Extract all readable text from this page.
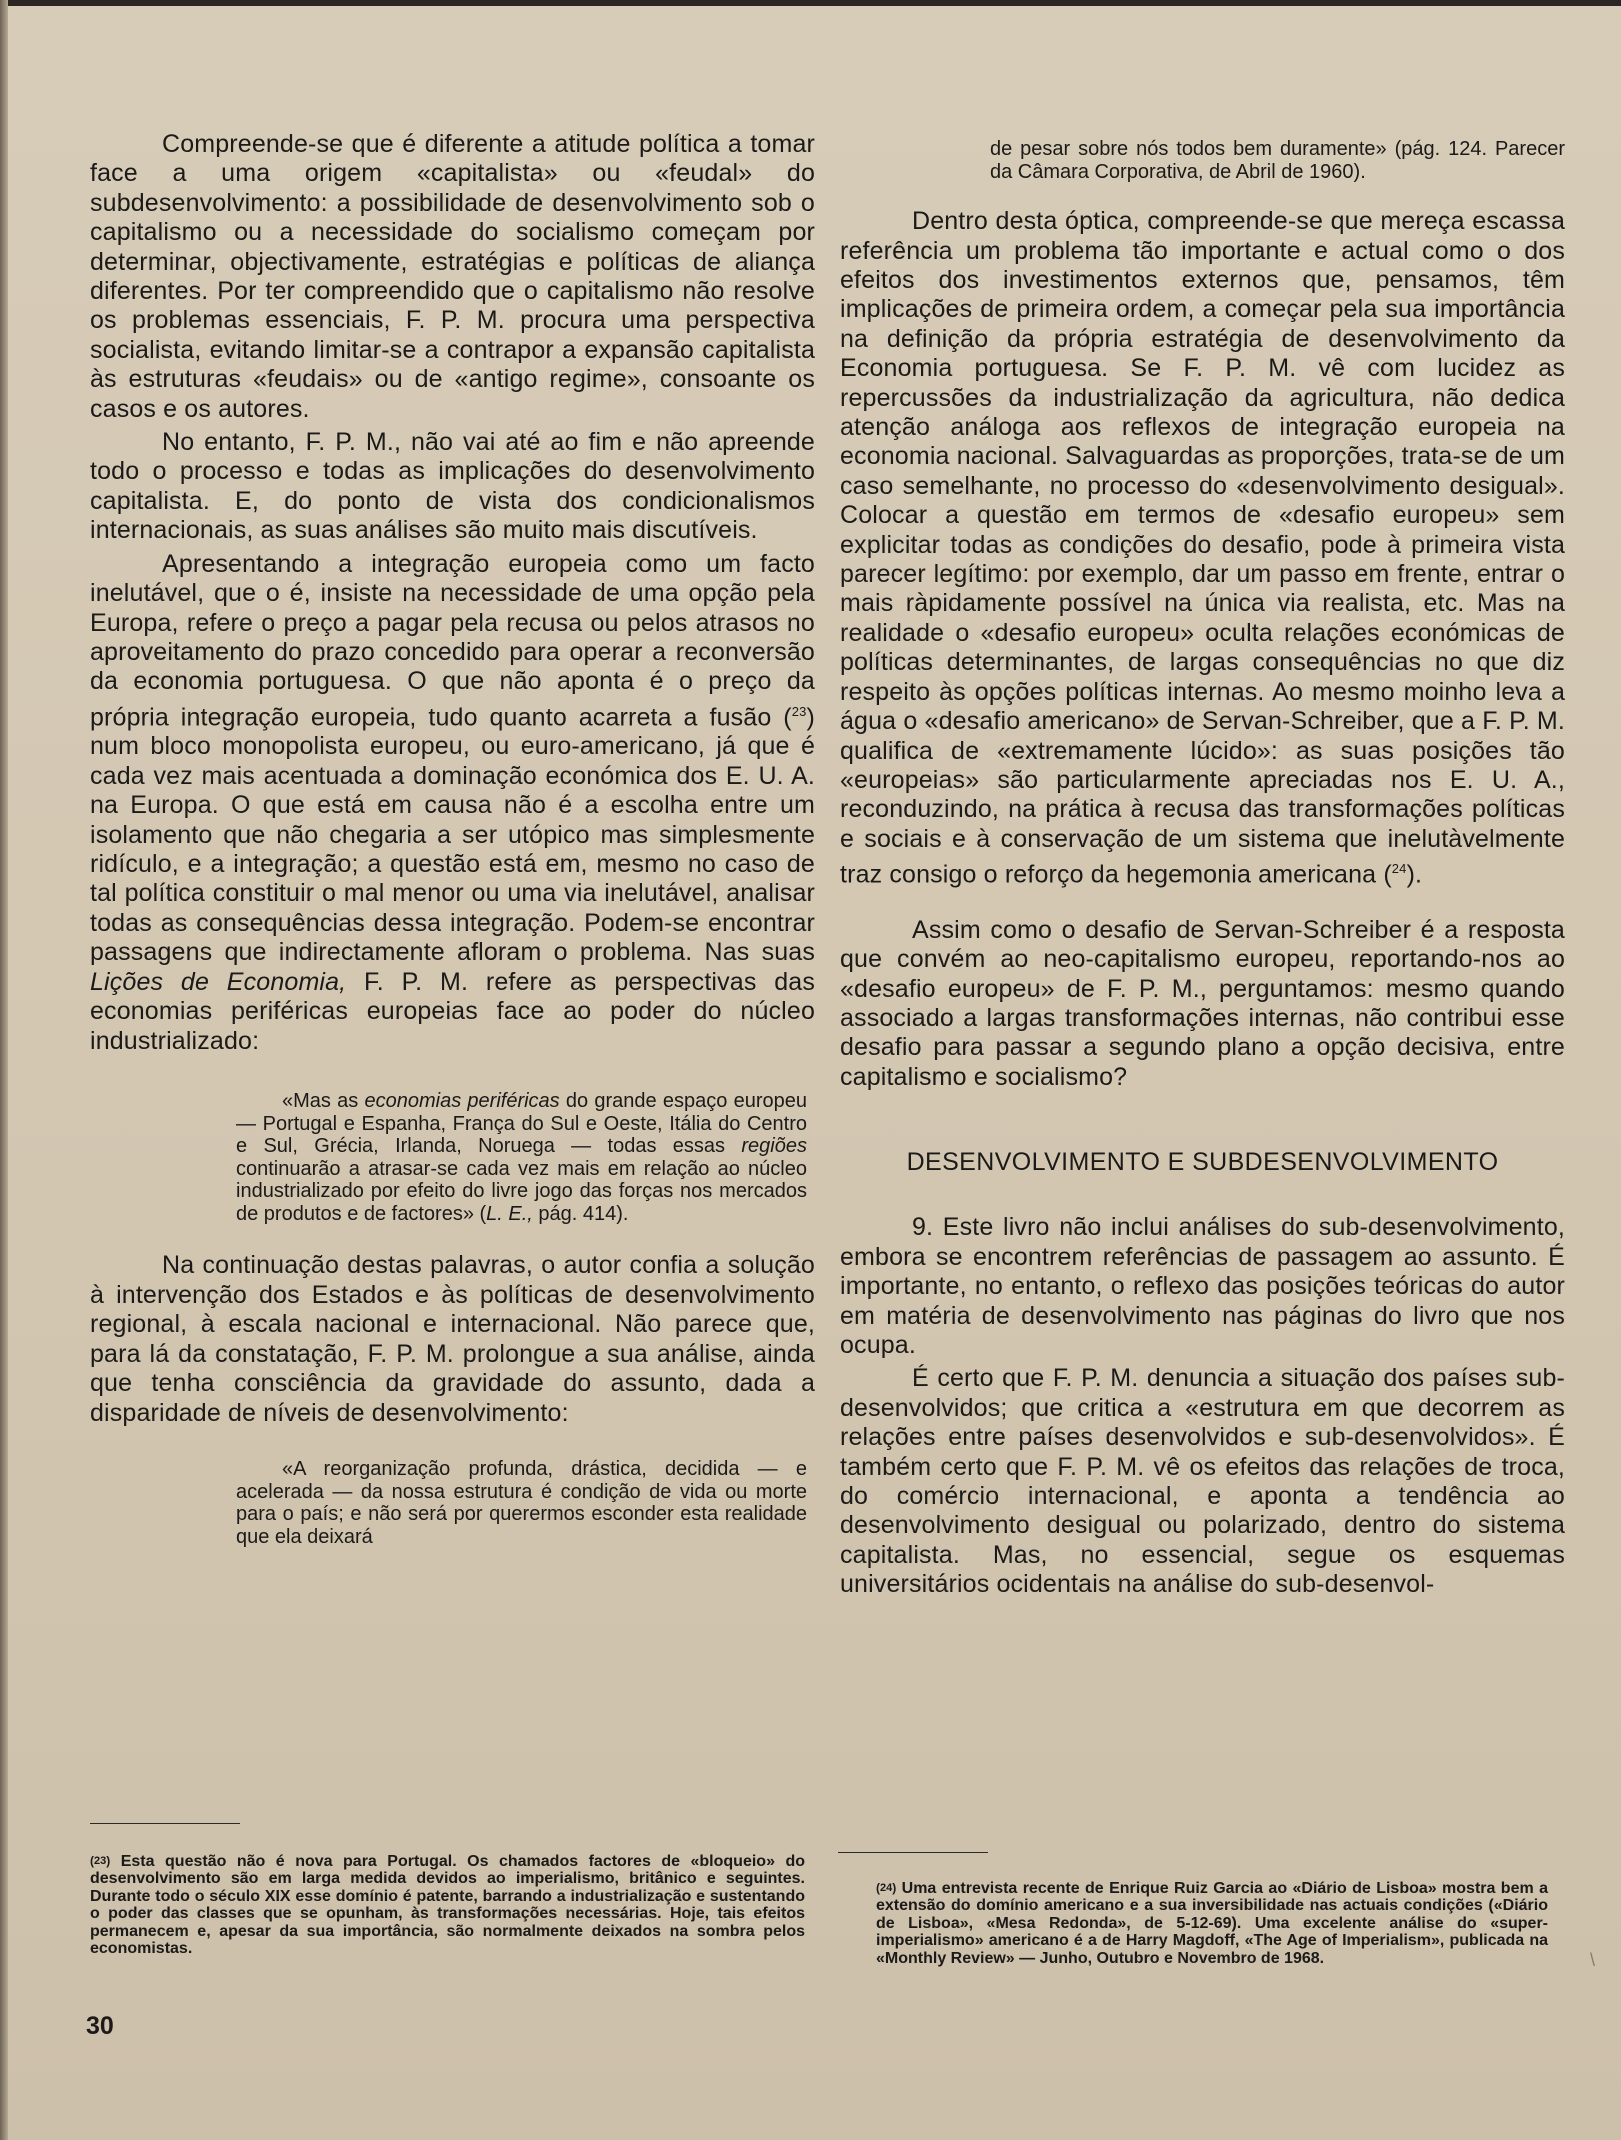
Compreende-se que é diferente a atitude política a tomar face a uma origem «capitalista» ou «feudal» do subdesenvolvimento: a possibilidade de desenvolvimento sob o capitalismo ou a necessidade do socialismo começam por determinar, objectivamente, estratégias e políticas de aliança diferentes. Por ter compreendido que o capitalismo não resolve os problemas essenciais, F. P. M. procura uma perspectiva socialista, evitando limitar-se a contrapor a expansão capitalista às estruturas «feudais» ou de «antigo regime», consoante os casos e os autores.

No entanto, F. P. M., não vai até ao fim e não apreende todo o processo e todas as implicações do desenvolvimento capitalista. E, do ponto de vista dos condicionalismos internacionais, as suas análises são muito mais discutíveis.

Apresentando a integração europeia como um facto inelutável, que o é, insiste na necessidade de uma opção pela Europa, refere o preço a pagar pela recusa ou pelos atrasos no aproveitamento do prazo concedido para operar a reconversão da economia portuguesa. O que não aponta é o preço da própria integração europeia, tudo quanto acarreta a fusão ($^{23}$) num bloco monopolista europeu, ou euro-americano, já que é cada vez mais acentuada a dominação económica dos E. U. A. na Europa. O que está em causa não é a escolha entre um isolamento que não chegaria a ser utópico mas simplesmente ridículo, e a integração; a questão está em, mesmo no caso de tal política constituir o mal menor ou uma via inelutável, analisar todas as consequências dessa integração. Podem-se encontrar passagens que indirectamente afloram o problema. Nas suas Lições de Economia, F. P. M. refere as perspectivas das economias periféricas europeias face ao poder do núcleo industrializado:

«Mas as economias periféricas do grande espaço europeu — Portugal e Espanha, França do Sul e Oeste, Itália do Centro e Sul, Grécia, Irlanda, Noruega — todas essas regiões continuarão a atrasar-se cada vez mais em relação ao núcleo industrializado por efeito do livre jogo das forças nos mercados de produtos e de factores» (L. E., pág. 414).

Na continuação destas palavras, o autor confia a solução à intervenção dos Estados e às políticas de desenvolvimento regional, à escala nacional e internacional. Não parece que, para lá da constatação, F. P. M. prolongue a sua análise, ainda que tenha consciência da gravidade do assunto, dada a disparidade de níveis de desenvolvimento:

«A reorganização profunda, drástica, decidida — e acelerada — da nossa estrutura é condição de vida ou morte para o país; e não será por querermos esconder esta realidade que ela deixará
$^{(23)}$ Esta questão não é nova para Portugal. Os chamados factores de «bloqueio» do desenvolvimento são em larga medida devidos ao imperialismo, britânico e seguintes. Durante todo o século XIX esse domínio é patente, barrando a industrialização e sustentando o poder das classes que se opunham, às transformações necessárias. Hoje, tais efeitos permanecem e, apesar da sua importância, são normalmente deixados na sombra pelos economistas.
de pesar sobre nós todos bem duramente» (pág. 124. Parecer da Câmara Corporativa, de Abril de 1960).

Dentro desta óptica, compreende-se que mereça escassa referência um problema tão importante e actual como o dos efeitos dos investimentos externos que, pensamos, têm implicações de primeira ordem, a começar pela sua importância na definição da própria estratégia de desenvolvimento da Economia portuguesa. Se F. P. M. vê com lucidez as repercussões da industrialização da agricultura, não dedica atenção análoga aos reflexos de integração europeia na economia nacional. Salvaguardas as proporções, trata-se de um caso semelhante, no processo do «desenvolvimento desigual». Colocar a questão em termos de «desafio europeu» sem explicitar todas as condições do desafio, pode à primeira vista parecer legítimo: por exemplo, dar um passo em frente, entrar o mais ràpidamente possível na única via realista, etc. Mas na realidade o «desafio europeu» oculta relações económicas de políticas determinantes, de largas consequências no que diz respeito às opções políticas internas. Ao mesmo moinho leva a água o «desafio americano» de Servan-Schreiber, que a F. P. M. qualifica de «extremamente lúcido»: as suas posições tão «europeias» são particularmente apreciadas nos E. U. A., reconduzindo, na prática à recusa das transformações políticas e sociais e à conservação de um sistema que inelutàvelmente traz consigo o reforço da hegemonia americana ($^{24}$).

Assim como o desafio de Servan-Schreiber é a resposta que convém ao neo-capitalismo europeu, reportando-nos ao «desafio europeu» de F. P. M., perguntamos: mesmo quando associado a largas transformações internas, não contribui esse desafio para passar a segundo plano a opção decisiva, entre capitalismo e socialismo?

DESENVOLVIMENTO E SUBDESENVOLVIMENTO

9. Este livro não inclui análises do sub-desenvolvimento, embora se encontrem referências de passagem ao assunto. É importante, no entanto, o reflexo das posições teóricas do autor em matéria de desenvolvimento nas páginas do livro que nos ocupa.

É certo que F. P. M. denuncia a situação dos países sub-desenvolvidos; que critica a «estrutura em que decorrem as relações entre países desenvolvidos e sub-desenvolvidos». É também certo que F. P. M. vê os efeitos das relações de troca, do comércio internacional, e aponta a tendência ao desenvolvimento desigual ou polarizado, dentro do sistema capitalista. Mas, no essencial, segue os esquemas universitários ocidentais na análise do sub-desenvol-

$^{(24)}$ Uma entrevista recente de Enrique Ruiz Garcia ao «Diário de Lisboa» mostra bem a extensão do domínio americano e a sua inversibilidade nas actuais condições («Diário de Lisboa», «Mesa Redonda», de 5-12-69). Uma excelente análise do «super-imperialismo» americano é a de Harry Magdoff, «The Age of Imperialism», publicada na «Monthly Review» — Junho, Outubro e Novembro de 1968.
30
\
